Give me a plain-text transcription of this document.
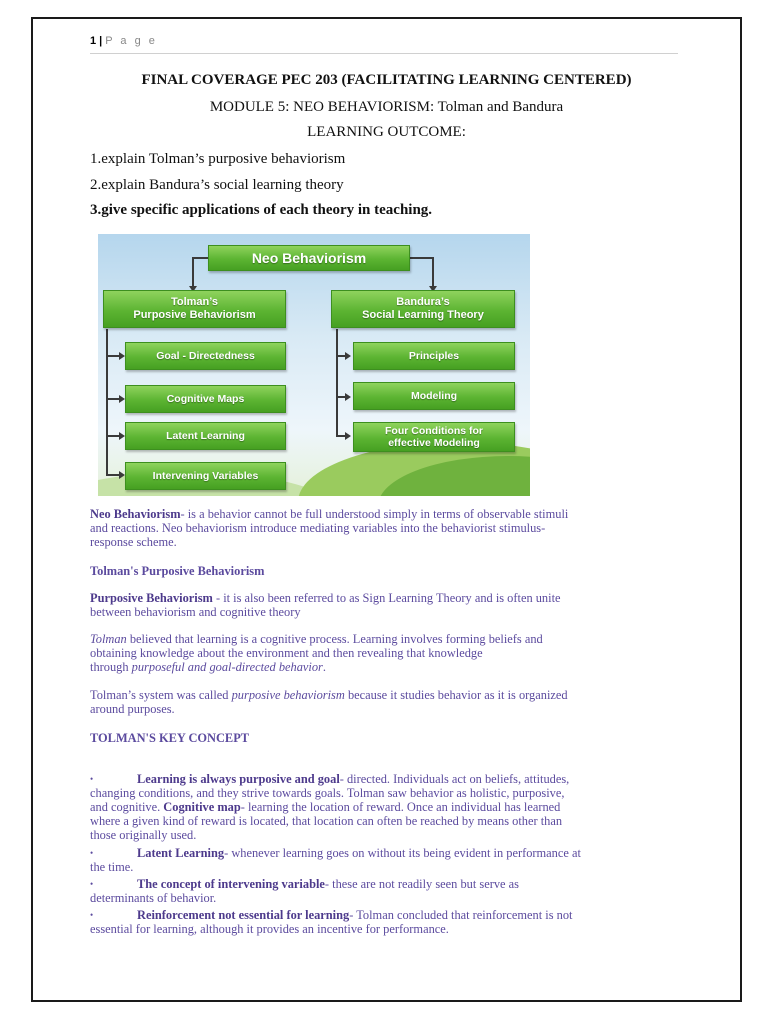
1 | P a g e
FINAL COVERAGE PEC 203 (FACILITATING LEARNING CENTERED)
MODULE 5: NEO BEHAVIORISM: Tolman and Bandura
LEARNING OUTCOME:
1.explain Tolman’s purposive behaviorism
2.explain Bandura’s social learning theory
3.give specific applications of each theory in teaching.
Neo Behaviorism
Tolman’s
Purposive Behaviorism
Bandura’s
Social Learning Theory
Goal - Directedness
Cognitive Maps
Latent Learning
Intervening Variables
Principles
Modeling
Four Conditions for
effective Modeling
Neo Behaviorism- is a behavior cannot be full understood simply in terms of observable stimuli
and reactions. Neo behaviorism introduce mediating variables into the behaviorist stimulus-
response scheme.
Tolman's Purposive Behaviorism
Purposive Behaviorism - it is also been referred to as Sign Learning Theory and is often unite
between behaviorism and cognitive theory
Tolman believed that learning is a cognitive process. Learning involves forming beliefs and
obtaining knowledge about the environment and then revealing that knowledge
through purposeful and goal-directed behavior.
Tolman’s system was called purposive behaviorism because it studies behavior as it is organized
around purposes.
TOLMAN'S KEY CONCEPT
•	Learning is always purposive and goal- directed. Individuals act on beliefs, attitudes,
changing conditions, and they strive towards goals. Tolman saw behavior as holistic, purposive,
and cognitive. Cognitive map- learning the location of reward. Once an individual has learned
where a given kind of reward is located, that location can often be reached by means other than
those originally used.
•	Latent Learning- whenever learning goes on without its being evident in performance at
the time.
•	The concept of intervening variable- these are not readily seen but serve as
determinants of behavior.
•	Reinforcement not essential for learning- Tolman concluded that reinforcement is not
essential for learning, although it provides an incentive for performance.
